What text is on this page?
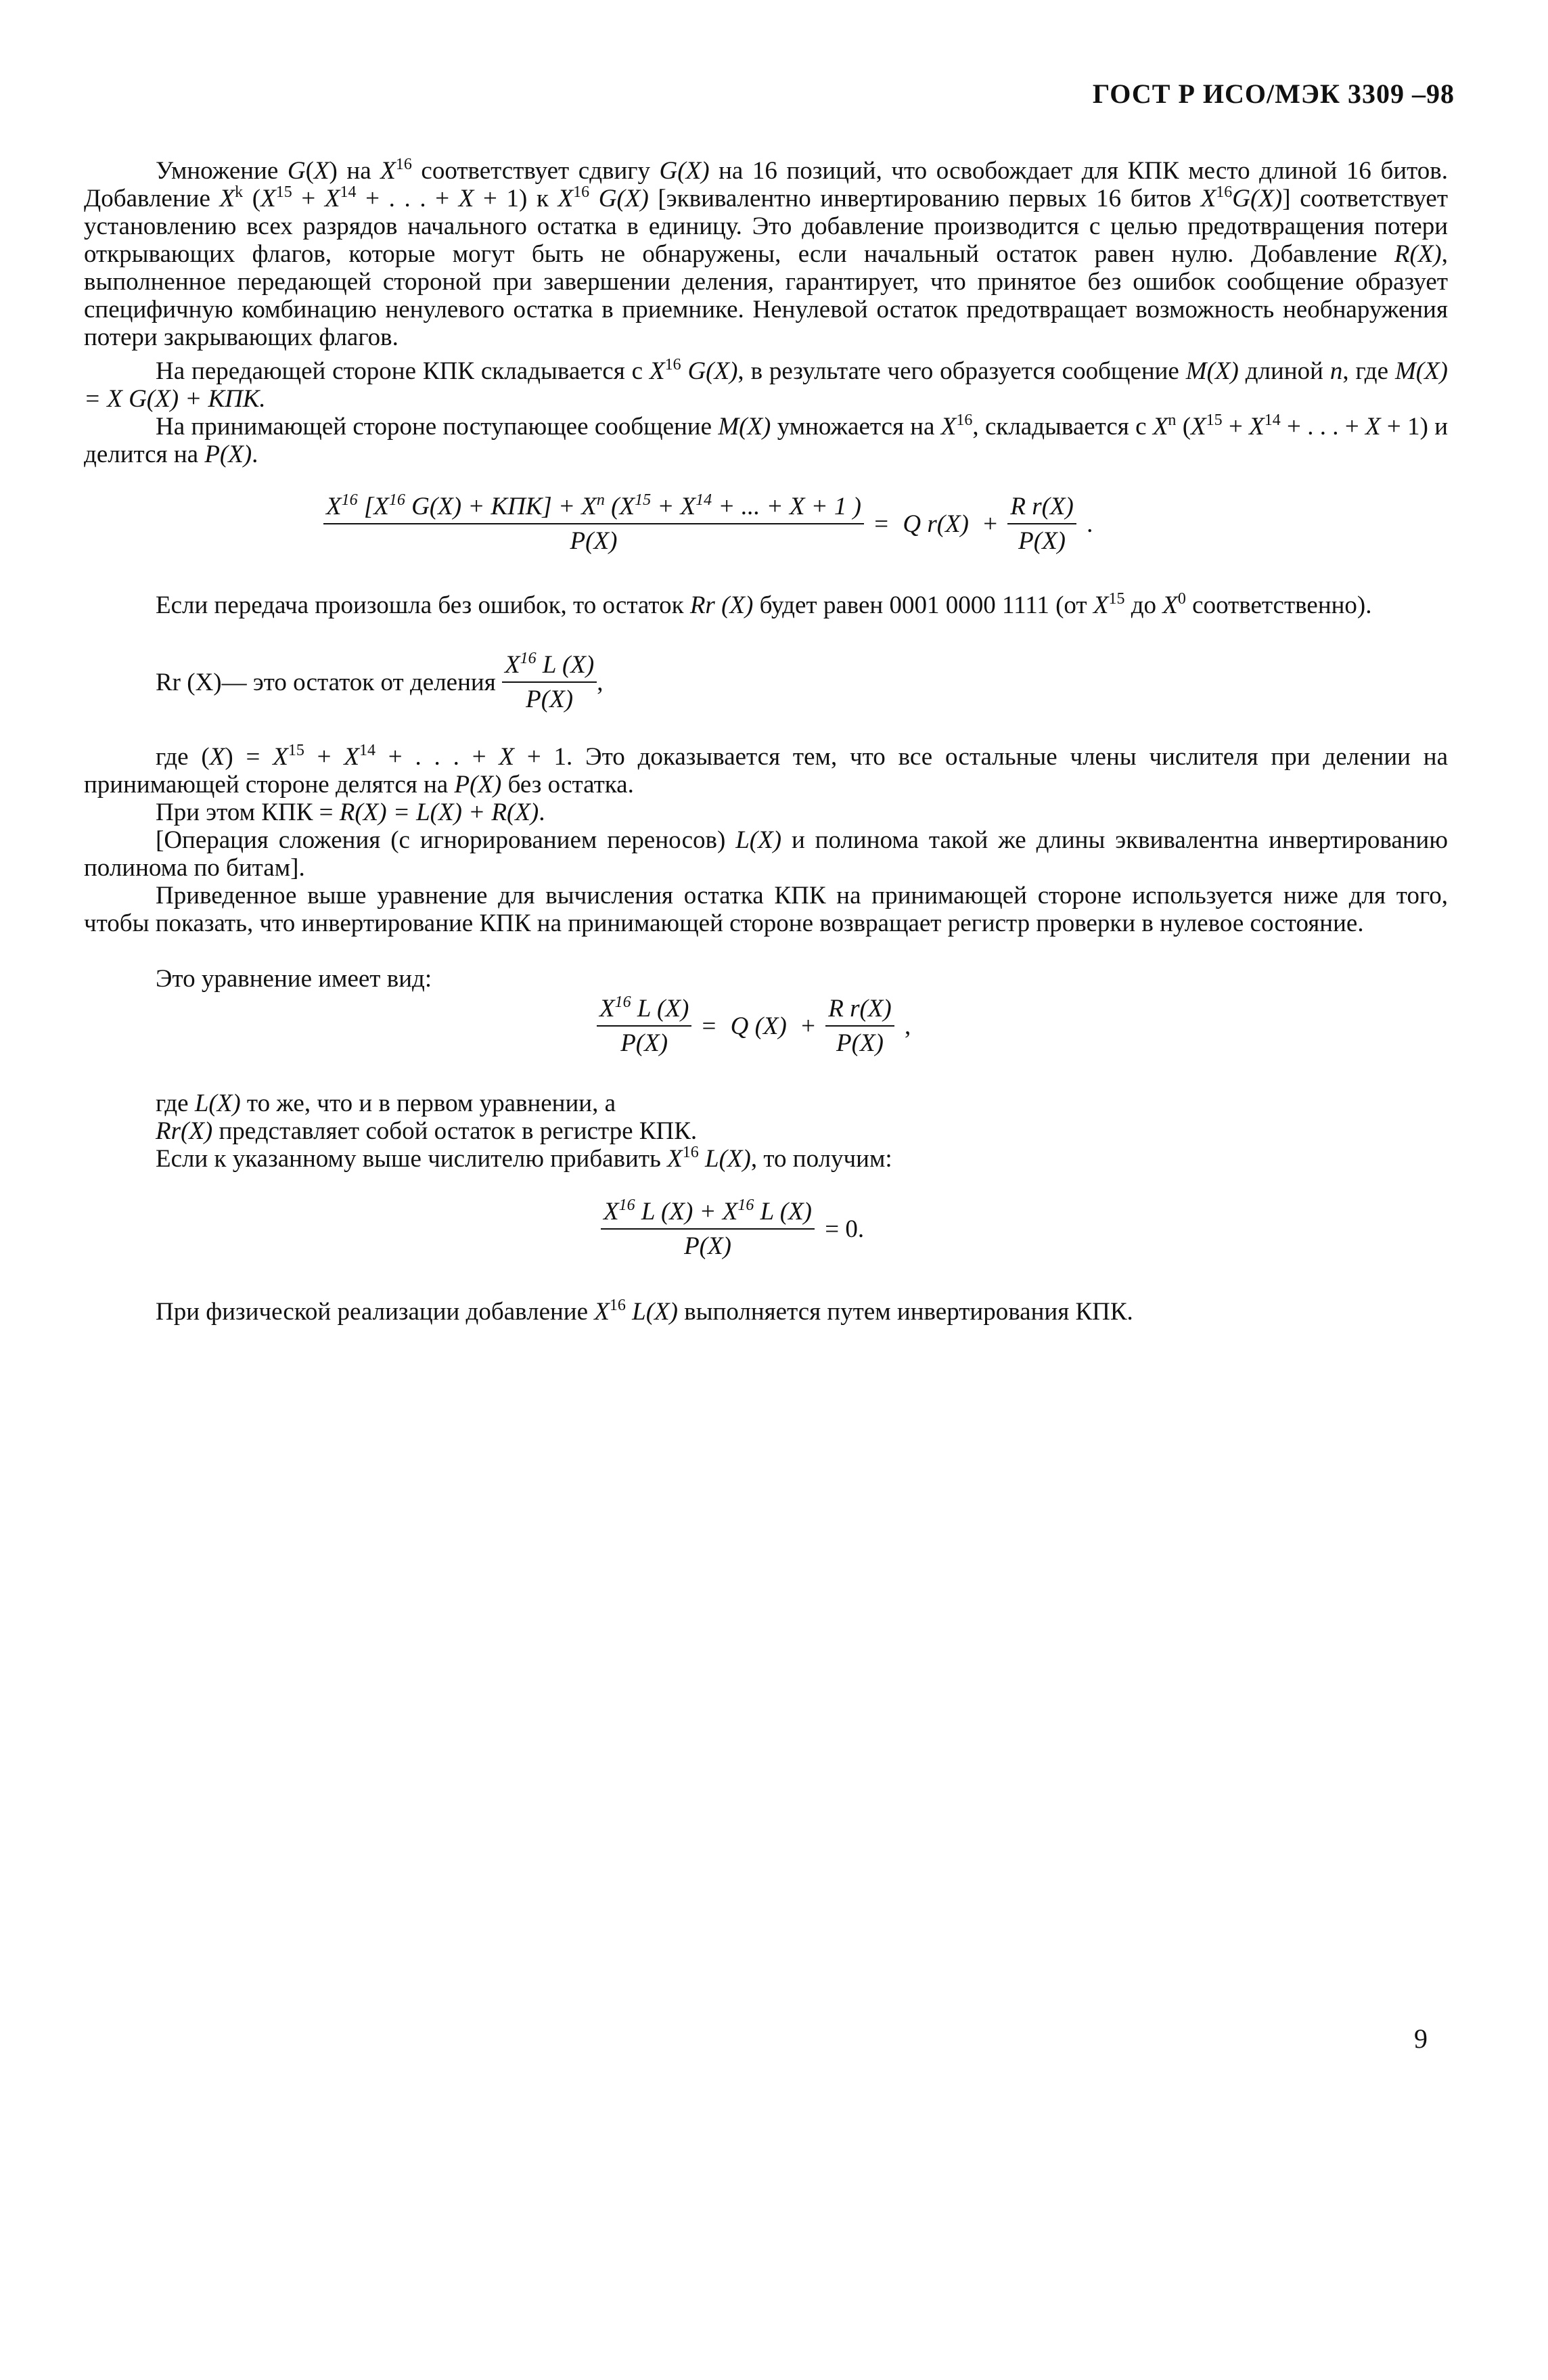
ГОСТ Р ИСО/МЭК 3309 –98

Умножение G(X) на $X^{16}$ соответствует сдвигу G(X) на 16 позиций, что освобождает для КПК место длиной 16 битов. Добавление $X^k$ ($X^{15} + X^{14}$ + . . . + X + 1) к $X^{16}$ G(X) [эквивалентно инвертированию первых 16 битов $X^{16}G(X)$] соответствует установлению всех разрядов начального остатка в единицу. Это добавление производится с целью предотвращения потери открывающих флагов, которые могут быть не обнаружены, если начальный остаток равен нулю. Добавление R(X), выполненное передающей стороной при завершении деления, гарантирует, что принятое без ошибок сообщение образует специфичную комбинацию ненулевого остатка в приемнике. Ненулевой остаток предотвращает возможность необнаружения потери закрывающих флагов.

На передающей стороне КПК складывается с $X^{16}$ G(X), в результате чего образуется сообщение M(X) длиной n, где M(X) = X G(X) + КПК.

На принимающей стороне поступающее сообщение M(X) умножается на $X^{16}$, складывается с $X^n$ ($X^{15} + X^{14}$ + . . . + X + 1) и делится на P(X).

$\frac{X^{16} [X^{16} G(X) + КПК] + X^n (X^{15} + X^{14} + ... + X + 1 )}{P(X)} = Q$ $r(X) + \frac{\text{R r(X)}}{P(X)}$ .

Если передача произошла без ошибок, то остаток Rr (X) будет равен 0001 0000 1111 (от $X^{15}$ до $X^0$ соответственно).

Rr (X)— это остаток от деления $\frac{X^{16} L (X)}{P(X)}$ ,

где $(X) = X^{15} + X^{14}$ + . . . + X + 1. Это доказывается тем, что все остальные члены числителя при делении на принимающей стороне делятся на P(X) без остатка.

При этом КПК = R(X) = L(X) + R(X).

[Операция сложения (с игнорированием переносов) L(X) и полинома такой же длины эквивалентна инвертированию полинома по битам].

Приведенное выше уравнение для вычисления остатка КПК на принимающей стороне используется ниже для того, чтобы показать, что инвертирование КПК на принимающей стороне возвращает регистр проверки в нулевое состояние.

Это уравнение имеет вид:
$\frac{X^{16} L (X)}{P(X)} = Q$ $(X) + \frac{\text{R r(X)}}{P(X)}$ ,
где L(X) то же, что и в первом уравнении, а
Rr(X) представляет собой остаток в регистре КПК.
Если к указанному выше числителю прибавить $X^{16}$ L(X), то получим:
$\frac{X^{16} L (X) + X^{16} L (X)}{P(X)} = 0$.
При физической реализации добавление $X^{16}$ L(X) выполняется путем инвертирования КПК.
9
